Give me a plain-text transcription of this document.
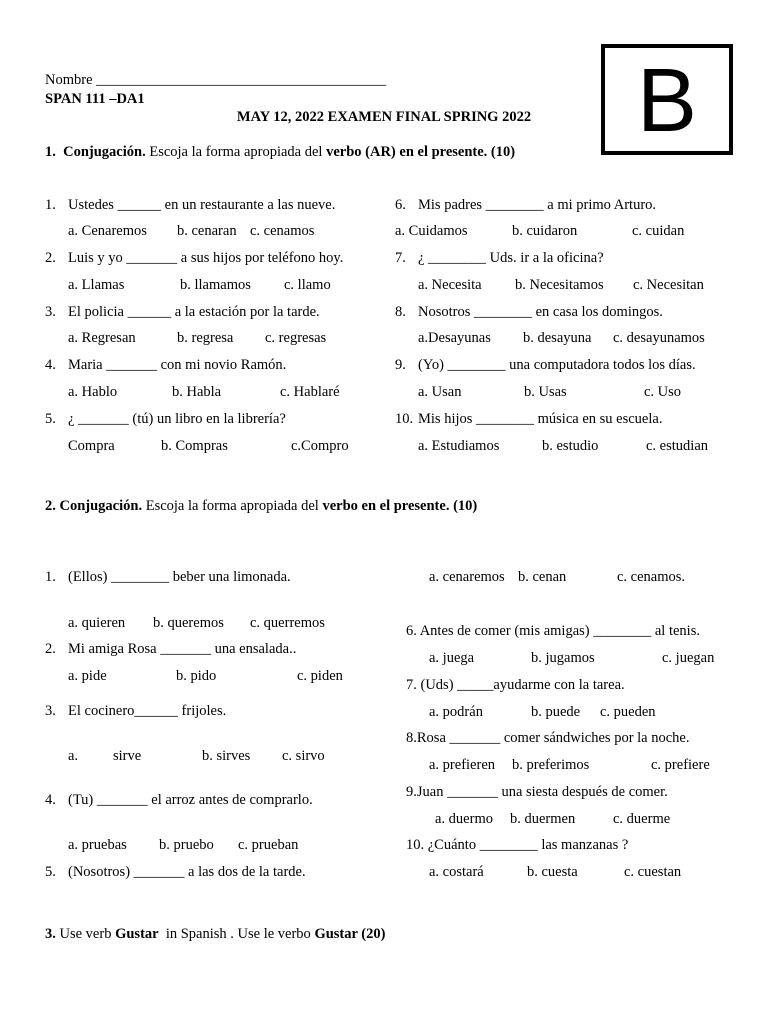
B
Nombre ________________________________________
SPAN 111 –DA1
MAY 12, 2022 EXAMEN FINAL SPRING 2022
1. Conjugación. Escoja la forma apropiada del verbo (AR) en el presente. (10)
1. Ustedes ______ en un restaurante a las nueve.
a. Cenaremos b. cenaran c. cenamos
2. Luis y yo _______ a sus hijos por teléfono hoy.
a. Llamas	b. llamamos c. llamo
3. El policia ______ a la estación por la tarde.
a. Regresan	b. regresa c. regresas
4. Maria _______ con mi novio Ramón.
a. Hablo	b. Habla	c. Hablaré
5. ¿ _______ (tú) un libro en la librería?
Compra	b. Compras	c.Compro
6. Mis padres ________ a mi primo Arturo.
a. Cuidamos	b. cuidaron	c. cuidan
7. ¿ ________ Uds. ir a la oficina?
a. Necesita b. Necesitamos c. Necesitan
8. Nosotros ________ en casa los domingos.
a.Desayunas b. desayuna c. desayunamos
9. (Yo) ________ una computadora todos los días.
a. Usan	b. Usas	c. Uso
10. Mis hijos ________ música en su escuela.
a. Estudiamos	b. estudio	c. estudian
2. Conjugación. Escoja la forma apropiada del verbo en el presente. (10)
1. (Ellos) ________ beber una limonada.
a. quieren b. queremos c. querremos
2. Mi amiga Rosa _______ una ensalada..
a. pide	b. pido	c. piden
3. El cocinero______ frijoles.
a. sirve	b. sirves c. sirvo
4. (Tu) _______ el arroz antes de comprarlo.
a. pruebas b. pruebo c. prueban
5. (Nosotros) _______ a las dos de la tarde.
a. cenaremos b. cenan	c. cenamos.
6. Antes de comer (mis amigas) ________ al tenis.
a. juega	b. jugamos	c. juegan
7. (Uds) _____ayudarme con la tarea.
a. podrán	b. puede c. pueden
8.Rosa _______ comer sándwiches por la noche.
a. prefieren b. preferimos	c. prefiere
9.Juan _______ una siesta después de comer.
a. duermo b. duermen	c. duerme
10. ¿Cuánto ________ las manzanas ?
a. costará	b. cuesta	c. cuestan
3. Use verb Gustar in Spanish . Use le verbo Gustar (20)
